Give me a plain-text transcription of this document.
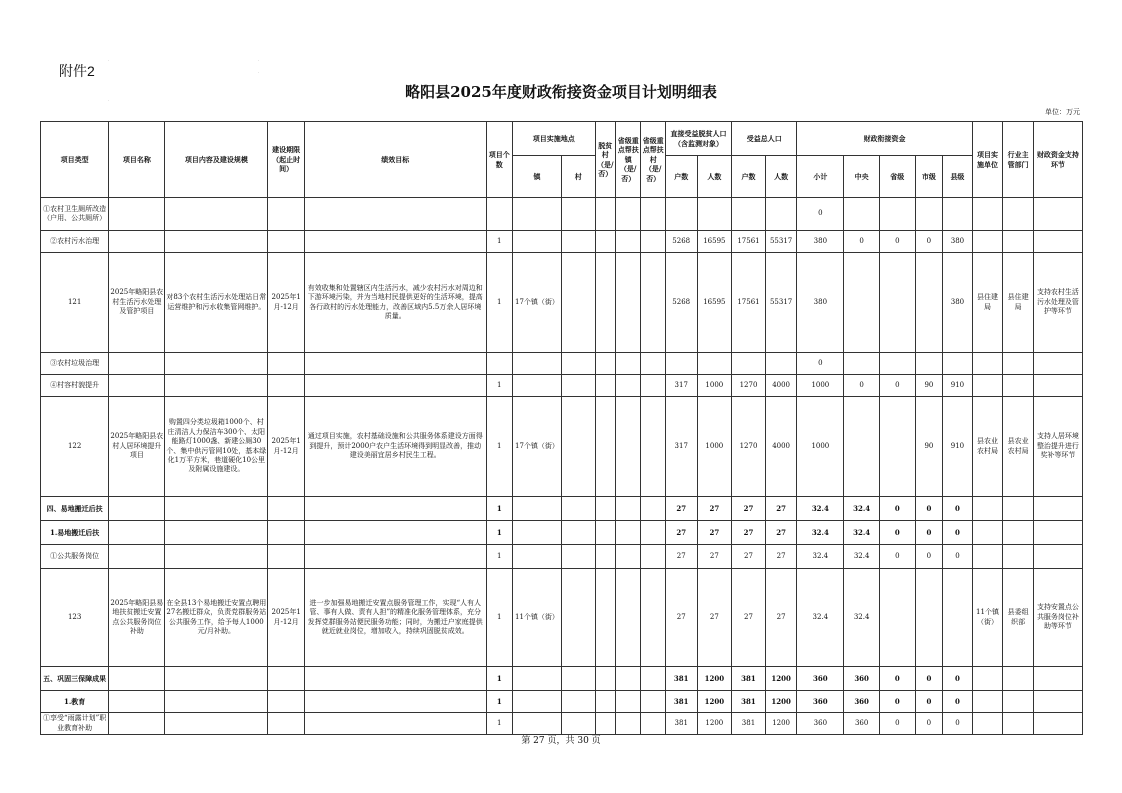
附件2
·	·
·
·	略阳县2025年度财政衔接资金项目计划明细表
单位：万元
项目类型	项目名称	项目内容及建设规模	建设期限（起止时间）	绩效目标	项目个数	项目实施地点		脱贫村（是/否）	省级重点帮扶镇（是/否）	省级重点帮扶村（是/否）	直接受益脱贫人口（含监测对象）		受益总人口		财政衔接资金					项目实施单位	行业主管部门	财政资金支持环节
						镇	村				户数	人数	户数	人数	小计	中央	省级	市级	县级			
①农村卫生厕所改造（户用、公共厕所）															0							
②农村污水治理					1						5268	16595	17561	55317	380	0	0	0	380			
121	2025年略阳县农村生活污水处理及管护项目	对83个农村生活污水处理站日常运营维护和污水收集管网维护。	2025年1月-12月	有效收集和处置辖区内生活污水，减少农村污水对周边和下游环境污染，并为当地村民提供更好的生活环境，提高各行政村的污水处理能力，改善区域内5.5万余人居环境质量。	1	17个镇（街）					5268	16595	17561	55317	380				380	县住建局	县住建局	支持农村生活污水处理及管护等环节
③农村垃圾治理															0							
④村容村貌提升					1						317	1000	1270	4000	1000	0	0	90	910			
122	2025年略阳县农村人居环境提升项目	购置四分类垃圾箱1000个、村庄清洁人力保洁车300个、太阳能路灯1000盏、新建公厕30个、集中供污管网10处，基本绿化1万平方米，巷道硬化10公里及附属设施建设。	2025年1月-12月	通过项目实施，农村基础设施和公共服务体系建设方面得到提升，预计2000户农户生活环境得到明显改善，推动建设美丽宜居乡村民生工程。	1	17个镇（街）					317	1000	1270	4000	1000			90	910	县农业农村局	县农业农村局	支持人居环境整治提升进行奖补等环节
四、易地搬迁后扶					1						27	27	27	27	32.4	32.4	0	0	0			
1.易地搬迁后扶					1						27	27	27	27	32.4	32.4	0	0	0			
①公共服务岗位					1						27	27	27	27	32.4	32.4	0	0	0			
123	2025年略阳县易地扶贫搬迁安置点公共服务岗位补助	在全县13个易地搬迁安置点聘用27名搬迁群众，负责党群服务站公共服务工作，给予每人1000元/月补助。	2025年1月-12月	进一步加强易地搬迁安置点服务管理工作，实现“人有人管、事有人做、责有人担”的精准化服务管理体系，充分发挥党群服务站便民服务功能；同时，为搬迁户家庭提供就近就业岗位，增加收入，持续巩固脱贫成效。	1	11个镇（街）					27	27	27	27	32.4	32.4				11个镇（街）	县委组织部	支持安置点公共服务岗位补助等环节
五、巩固三保障成果					1						381	1200	381	1200	360	360	0	0	0			
1.教育					1						381	1200	381	1200	360	360	0	0	0			
①享受“雨露计划”职业教育补助					1						381	1200	381	1200	360	360	0	0	0			
第 27 页，共 30 页
